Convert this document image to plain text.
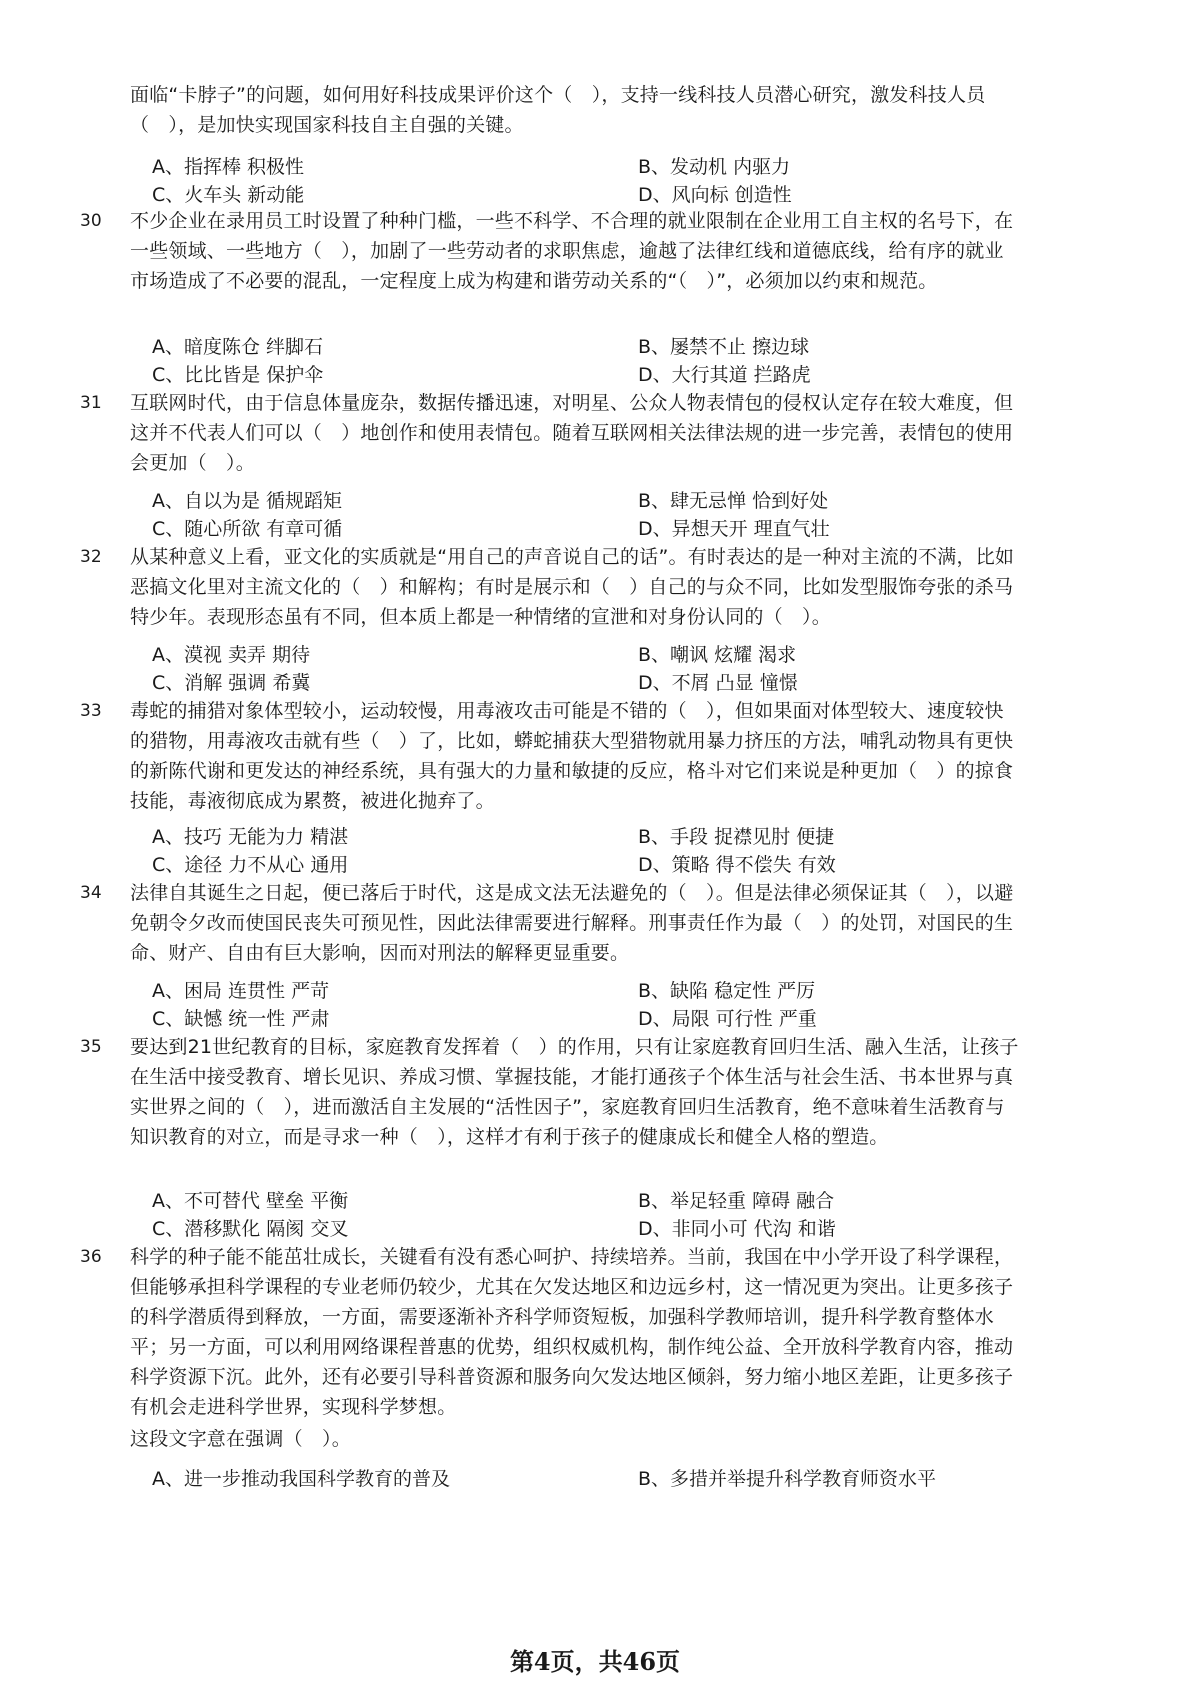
面临“卡脖子”的问题，如何用好科技成果评价这个（　），支持一线科技人员潜心研究，激发科技人员（　），是加快实现国家科技自主自强的关键。
A、指挥棒 积极性	B、发动机 内驱力
C、火车头 新动能	D、风向标 创造性
30	不少企业在录用员工时设置了种种门槛，一些不科学、不合理的就业限制在企业用工自主权的名号下，在一些领域、一些地方（　），加剧了一些劳动者的求职焦虑，逾越了法律红线和道德底线，给有序的就业市场造成了不必要的混乱，一定程度上成为构建和谐劳动关系的“（　）”，必须加以约束和规范。
A、暗度陈仓 绊脚石	B、屡禁不止 擦边球
C、比比皆是 保护伞	D、大行其道 拦路虎
31	互联网时代，由于信息体量庞杂，数据传播迅速，对明星、公众人物表情包的侵权认定存在较大难度，但这并不代表人们可以（　）地创作和使用表情包。随着互联网相关法律法规的进一步完善，表情包的使用会更加（　）。
A、自以为是 循规蹈矩	B、肆无忌惮 恰到好处
C、随心所欲 有章可循	D、异想天开 理直气壮
32	从某种意义上看，亚文化的实质就是“用自己的声音说自己的话”。有时表达的是一种对主流的不满，比如恶搞文化里对主流文化的（　）和解构；有时是展示和（　）自己的与众不同，比如发型服饰夸张的杀马特少年。表现形态虽有不同，但本质上都是一种情绪的宣泄和对身份认同的（　）。
A、漠视 卖弄 期待	B、嘲讽 炫耀 渴求
C、消解 强调 希冀	D、不屑 凸显 憧憬
33	毒蛇的捕猎对象体型较小，运动较慢，用毒液攻击可能是不错的（　），但如果面对体型较大、速度较快的猎物，用毒液攻击就有些（　）了，比如，蟒蛇捕获大型猎物就用暴力挤压的方法，哺乳动物具有更快的新陈代谢和更发达的神经系统，具有强大的力量和敏捷的反应，格斗对它们来说是种更加（　）的掠食技能，毒液彻底成为累赘，被进化抛弃了。
A、技巧 无能为力 精湛	B、手段 捉襟见肘 便捷
C、途径 力不从心 通用	D、策略 得不偿失 有效
34	法律自其诞生之日起，便已落后于时代，这是成文法无法避免的（　）。但是法律必须保证其（　），以避免朝令夕改而使国民丧失可预见性，因此法律需要进行解释。刑事责任作为最（　）的处罚，对国民的生命、财产、自由有巨大影响，因而对刑法的解释更显重要。
A、困局 连贯性 严苛	B、缺陷 稳定性 严厉
C、缺憾 统一性 严肃	D、局限 可行性 严重
35	要达到21世纪教育的目标，家庭教育发挥着（　）的作用，只有让家庭教育回归生活、融入生活，让孩子在生活中接受教育、增长见识、养成习惯、掌握技能，才能打通孩子个体生活与社会生活、书本世界与真实世界之间的（　），进而激活自主发展的“活性因子”，家庭教育回归生活教育，绝不意味着生活教育与知识教育的对立，而是寻求一种（　），这样才有利于孩子的健康成长和健全人格的塑造。
A、不可替代 壁垒 平衡	B、举足轻重 障碍 融合
C、潜移默化 隔阂 交叉	D、非同小可 代沟 和谐
36	科学的种子能不能茁壮成长，关键看有没有悉心呵护、持续培养。当前，我国在中小学开设了科学课程，但能够承担科学课程的专业老师仍较少，尤其在欠发达地区和边远乡村，这一情况更为突出。让更多孩子的科学潜质得到释放，一方面，需要逐渐补齐科学师资短板，加强科学教师培训，提升科学教育整体水平；另一方面，可以利用网络课程普惠的优势，组织权威机构，制作纯公益、全开放科学教育内容，推动科学资源下沉。此外，还有必要引导科普资源和服务向欠发达地区倾斜，努力缩小地区差距，让更多孩子有机会走进科学世界，实现科学梦想。
这段文字意在强调（　）。
A、进一步推动我国科学教育的普及	B、多措并举提升科学教育师资水平
第4页，共46页
